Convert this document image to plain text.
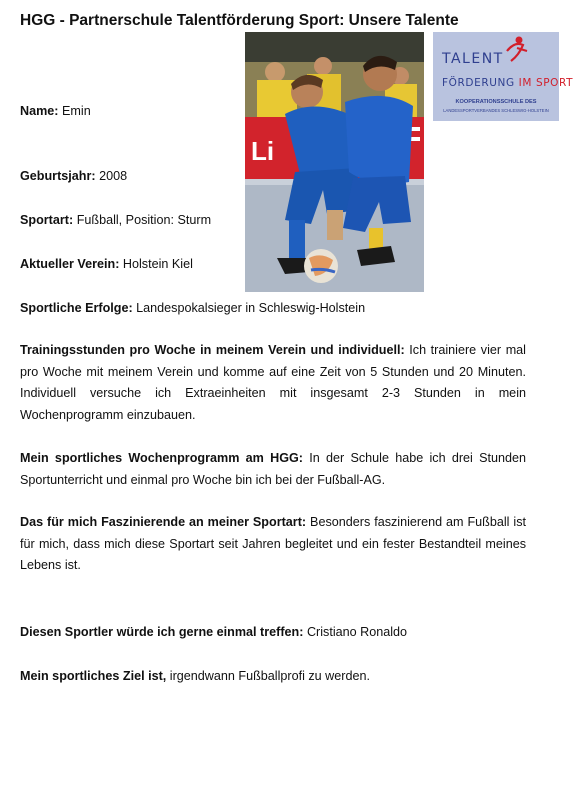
HGG - Partnerschule Talentförderung Sport: Unsere Talente
Li
TALENT
FÖRDERUNG IM SPORT
KOOPERATIONSSCHULE DES
LANDESSPORTVERBANDES SCHLESWIG-HOLSTEIN
Name: Emin
Geburtsjahr: 2008
Sportart: Fußball, Position: Sturm
Aktueller Verein: Holstein Kiel
Sportliche Erfolge: Landespokalsieger in Schleswig-Holstein
Trainingsstunden pro Woche in meinem Verein und individuell: Ich trainiere vier mal pro Woche mit meinem Verein und komme auf eine Zeit von 5 Stunden und 20 Minuten. Individuell versuche ich Extraeinheiten mit insgesamt 2-3 Stunden in mein Wochenprogramm einzubauen.
Mein sportliches Wochenprogramm am HGG: In der Schule habe ich drei Stunden Sportunterricht und einmal pro Woche bin ich bei der Fußball-AG.
Das für mich Faszinierende an meiner Sportart: Besonders faszinierend am Fußball ist für mich, dass mich diese Sportart seit Jahren begleitet und ein fester Bestandteil meines Lebens ist.
Diesen Sportler würde ich gerne einmal treffen: Cristiano Ronaldo
Mein sportliches Ziel ist, irgendwann Fußballprofi zu werden.
